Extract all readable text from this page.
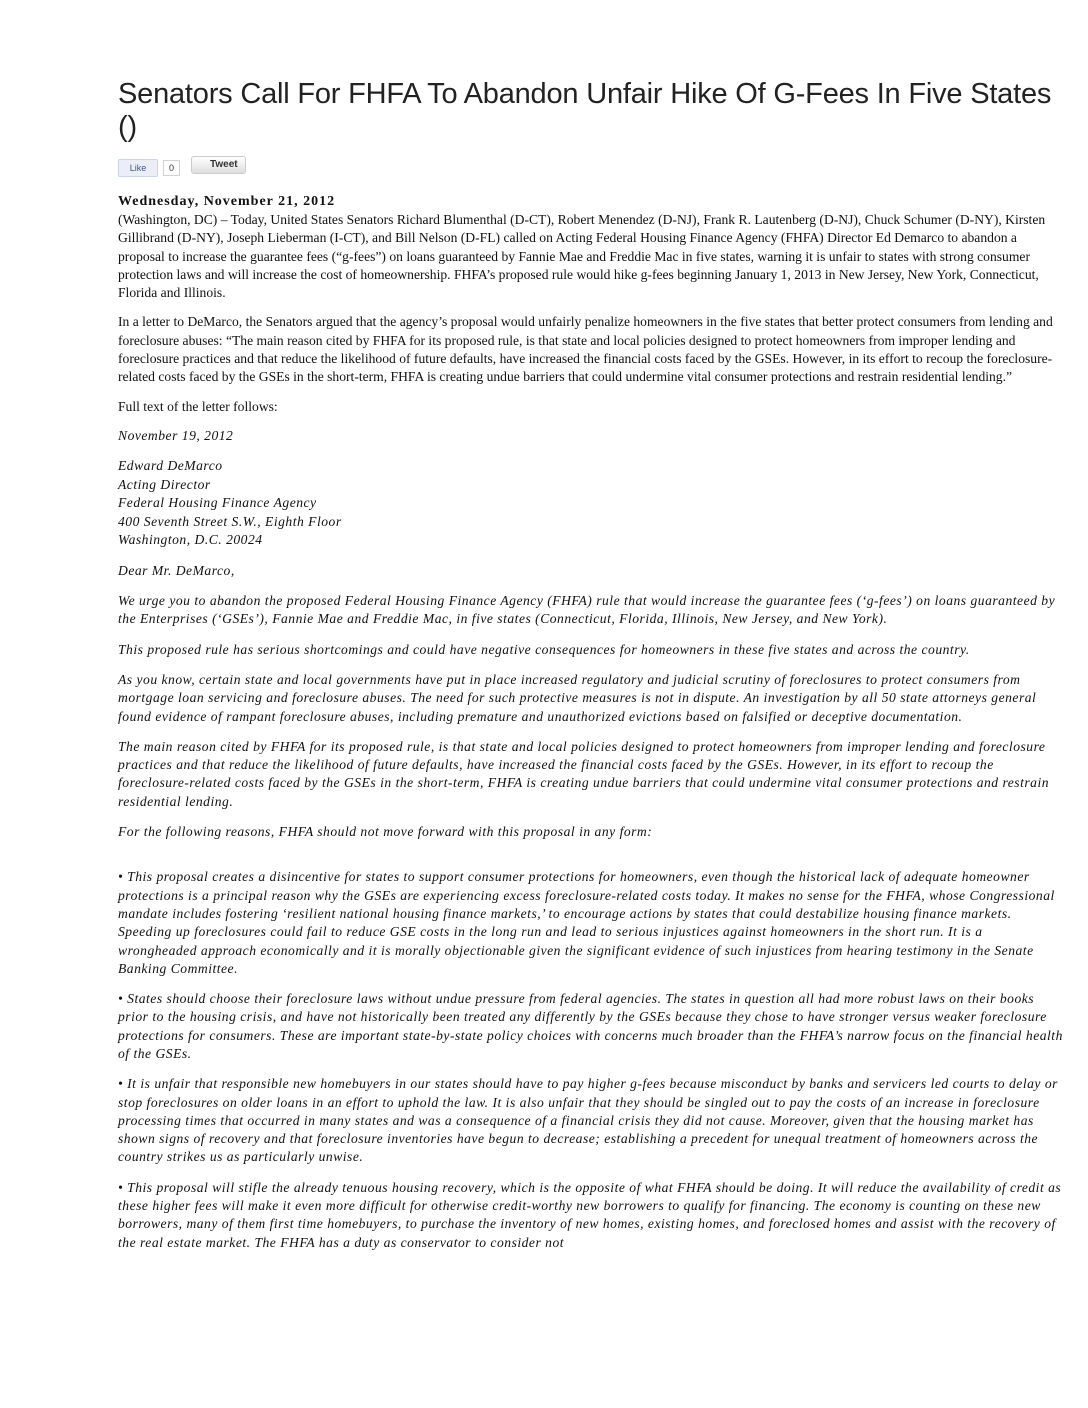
Senators Call For FHFA To Abandon Unfair Hike Of G-Fees In Five States ()
Like	0	Tweet
Wednesday, November 21, 2012

(Washington, DC) – Today, United States Senators Richard Blumenthal (D-CT), Robert Menendez (D-NJ), Frank R. Lautenberg (D-NJ), Chuck Schumer (D-NY), Kirsten Gillibrand (D-NY), Joseph Lieberman (I-CT), and Bill Nelson (D-FL) called on Acting Federal Housing Finance Agency (FHFA) Director Ed Demarco to abandon a proposal to increase the guarantee fees (“g-fees”) on loans guaranteed by Fannie Mae and Freddie Mac in five states, warning it is unfair to states with strong consumer protection laws and will increase the cost of homeownership. FHFA’s proposed rule would hike g-fees beginning January 1, 2013 in New Jersey, New York, Connecticut, Florida and Illinois.

In a letter to DeMarco, the Senators argued that the agency’s proposal would unfairly penalize homeowners in the five states that better protect consumers from lending and foreclosure abuses: “The main reason cited by FHFA for its proposed rule, is that state and local policies designed to protect homeowners from improper lending and foreclosure practices and that reduce the likelihood of future defaults, have increased the financial costs faced by the GSEs. However, in its effort to recoup the foreclosure-related costs faced by the GSEs in the short-term, FHFA is creating undue barriers that could undermine vital consumer protections and restrain residential lending.”

Full text of the letter follows:

November 19, 2012

Edward DeMarco
Acting Director
Federal Housing Finance Agency
400 Seventh Street S.W., Eighth Floor
Washington, D.C. 20024

Dear Mr. DeMarco,

We urge you to abandon the proposed Federal Housing Finance Agency (FHFA) rule that would increase the guarantee fees (‘g-fees’) on loans guaranteed by the Enterprises (‘GSEs’), Fannie Mae and Freddie Mac, in five states (Connecticut, Florida, Illinois, New Jersey, and New York).

This proposed rule has serious shortcomings and could have negative consequences for homeowners in these five states and across the country.

As you know, certain state and local governments have put in place increased regulatory and judicial scrutiny of foreclosures to protect consumers from mortgage loan servicing and foreclosure abuses. The need for such protective measures is not in dispute. An investigation by all 50 state attorneys general found evidence of rampant foreclosure abuses, including premature and unauthorized evictions based on falsified or deceptive documentation.

The main reason cited by FHFA for its proposed rule, is that state and local policies designed to protect homeowners from improper lending and foreclosure practices and that reduce the likelihood of future defaults, have increased the financial costs faced by the GSEs. However, in its effort to recoup the foreclosure-related costs faced by the GSEs in the short-term, FHFA is creating undue barriers that could undermine vital consumer protections and restrain residential lending.

For the following reasons, FHFA should not move forward with this proposal in any form:

• This proposal creates a disincentive for states to support consumer protections for homeowners, even though the historical lack of adequate homeowner protections is a principal reason why the GSEs are experiencing excess foreclosure-related costs today. It makes no sense for the FHFA, whose Congressional mandate includes fostering ‘resilient national housing finance markets,’ to encourage actions by states that could destabilize housing finance markets. Speeding up foreclosures could fail to reduce GSE costs in the long run and lead to serious injustices against homeowners in the short run. It is a wrongheaded approach economically and it is morally objectionable given the significant evidence of such injustices from hearing testimony in the Senate Banking Committee.

• States should choose their foreclosure laws without undue pressure from federal agencies. The states in question all had more robust laws on their books prior to the housing crisis, and have not historically been treated any differently by the GSEs because they chose to have stronger versus weaker foreclosure protections for consumers. These are important state-by-state policy choices with concerns much broader than the FHFA’s narrow focus on the financial health of the GSEs.

• It is unfair that responsible new homebuyers in our states should have to pay higher g-fees because misconduct by banks and servicers led courts to delay or stop foreclosures on older loans in an effort to uphold the law. It is also unfair that they should be singled out to pay the costs of an increase in foreclosure processing times that occurred in many states and was a consequence of a financial crisis they did not cause. Moreover, given that the housing market has shown signs of recovery and that foreclosure inventories have begun to decrease; establishing a precedent for unequal treatment of homeowners across the country strikes us as particularly unwise.

• This proposal will stifle the already tenuous housing recovery, which is the opposite of what FHFA should be doing. It will reduce the availability of credit as these higher fees will make it even more difficult for otherwise credit-worthy new borrowers to qualify for financing. The economy is counting on these new borrowers, many of them first time homebuyers, to purchase the inventory of new homes, existing homes, and foreclosed homes and assist with the recovery of the real estate market. The FHFA has a duty as conservator to consider not
